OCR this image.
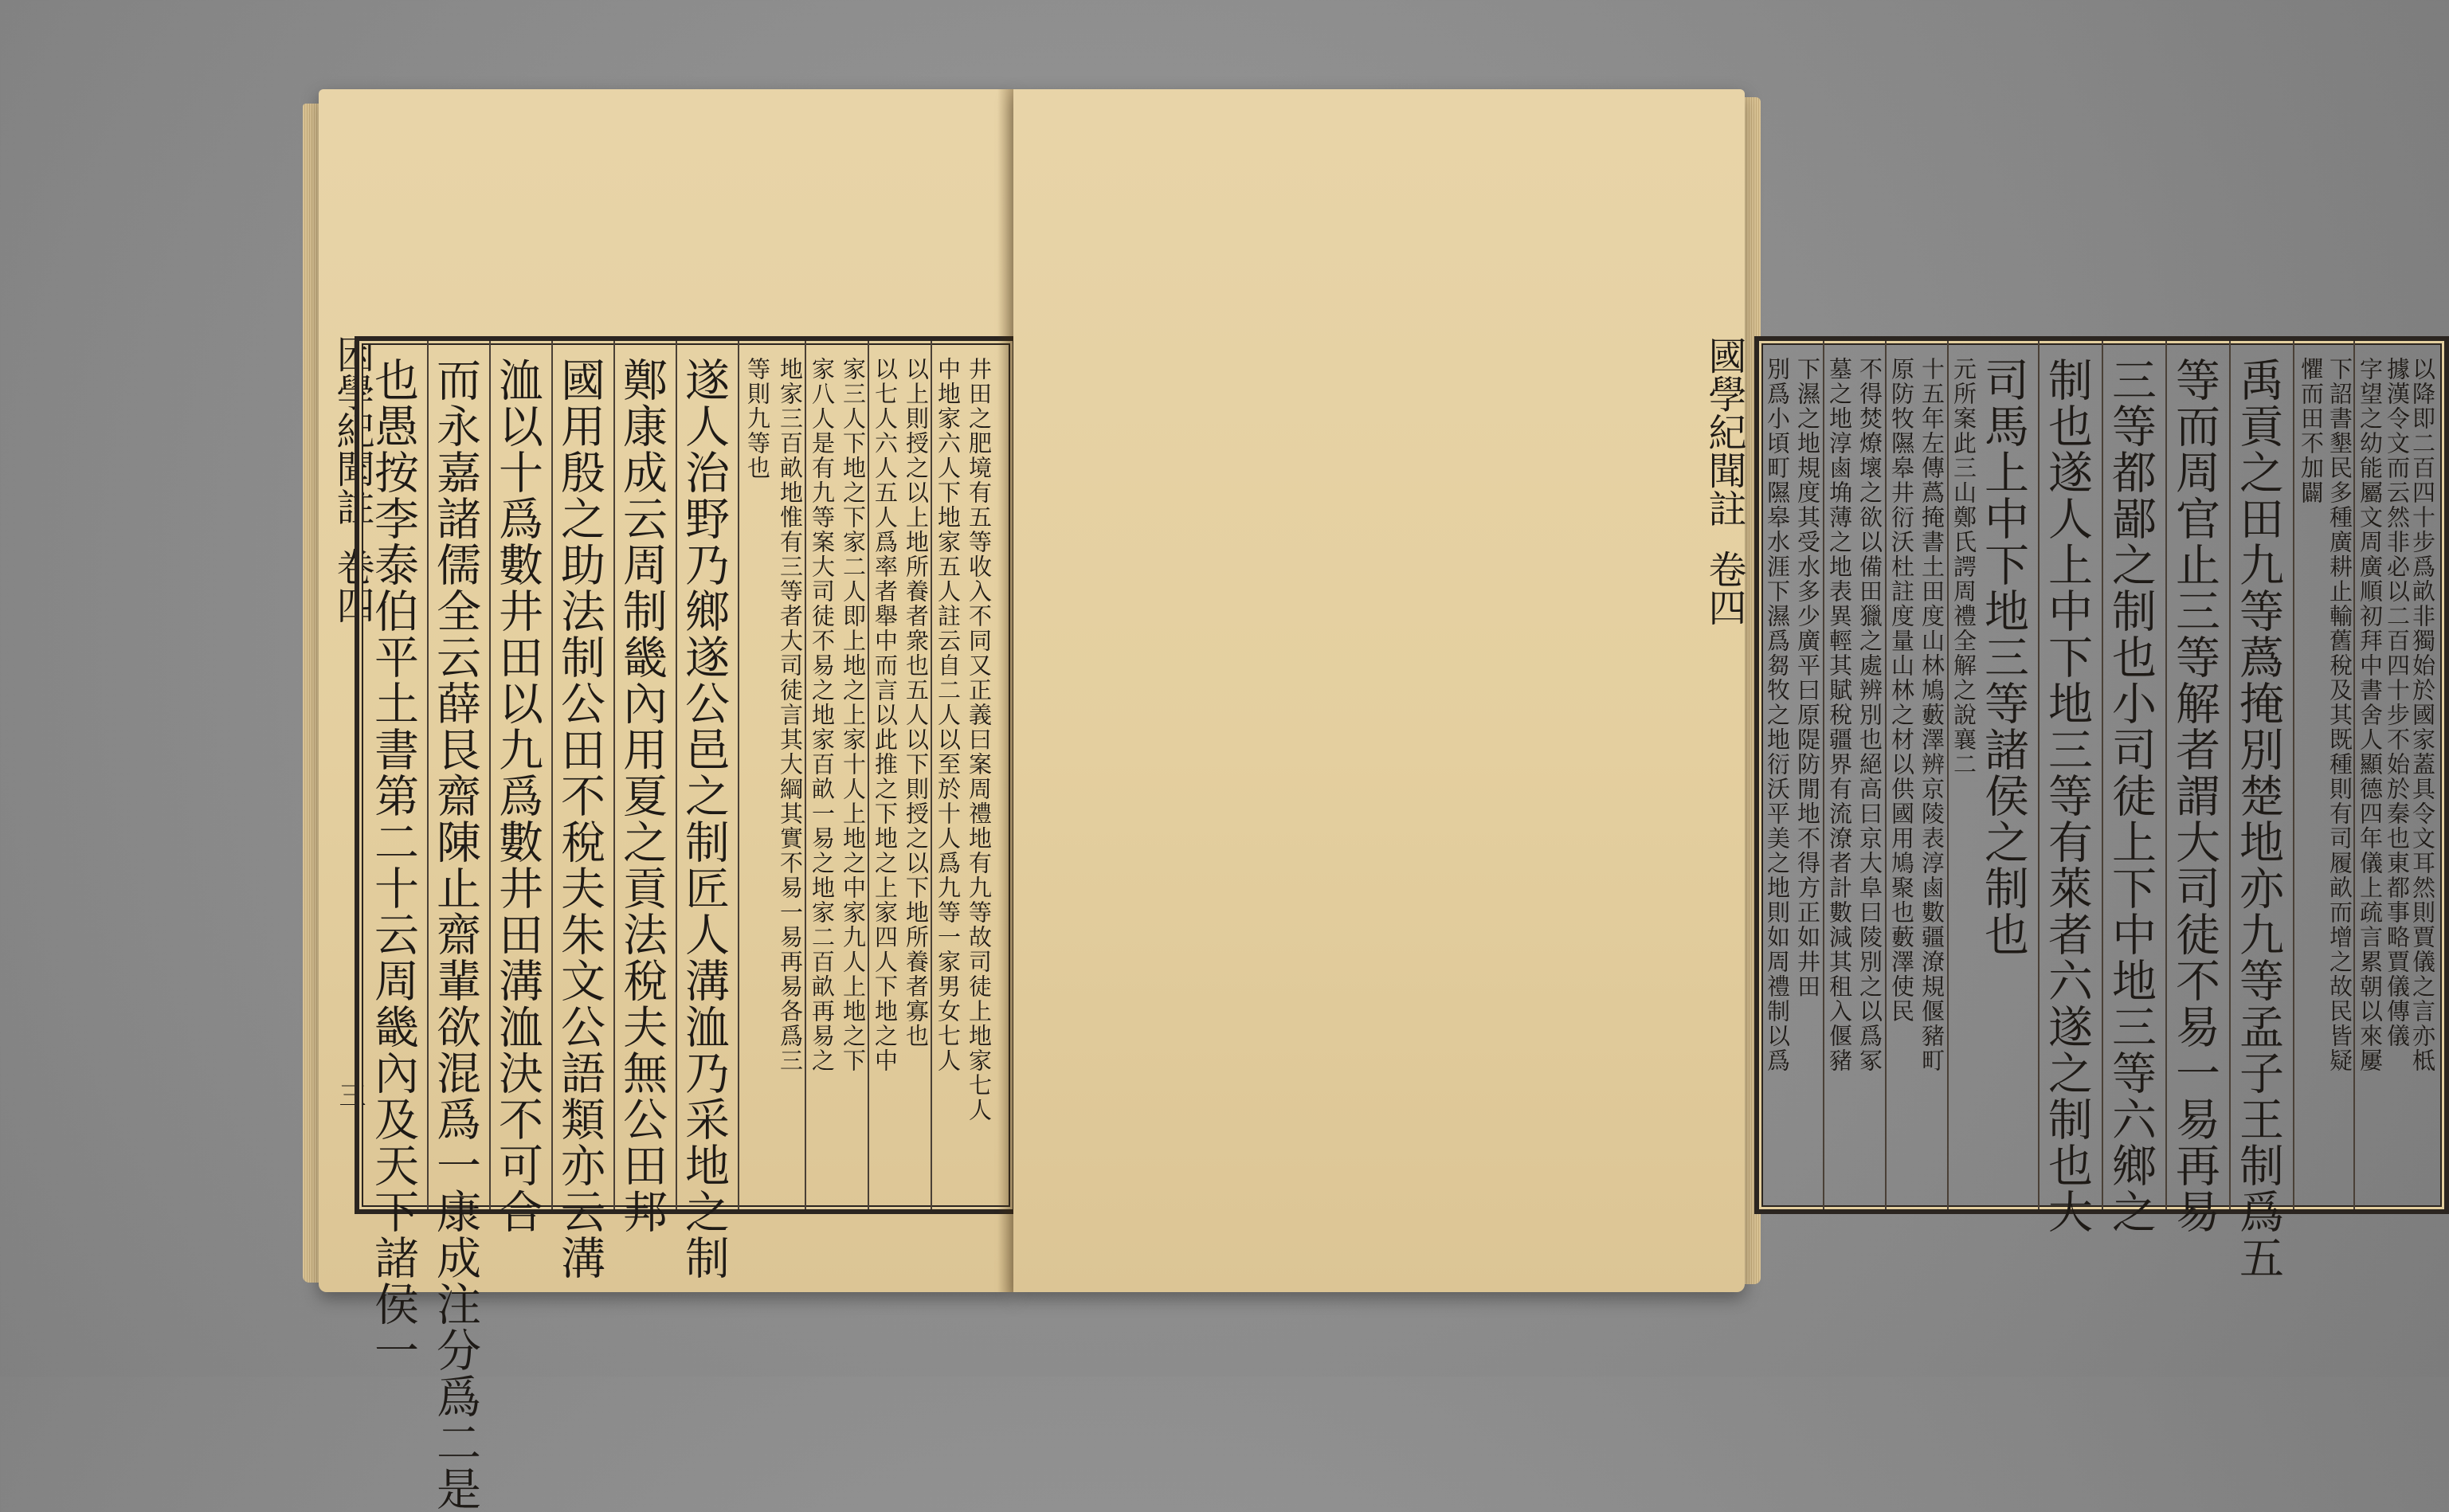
困學紀聞註
卷四
三 也愚按李泰伯平土書第二十云周畿內及天下諸侯一 而永嘉諸儒全云薛艮齋陳止齋輩欲混爲一康成注分爲二是 洫以十爲數井田以九爲數井田溝洫決不可合 國用殷之助法制公田不稅夫朱文公語類亦云溝 鄭康成云周制畿內用夏之貢法稅夫無公田邦 遂人治野乃鄉遂公邑之制匠人溝洫乃采地之制 等則九等也 地家三百畝地惟有三等者大司徒言其大綱其實不易一易再易各爲三 家八人是有九等案大司徒不易之地家百畝一易之地家二百畝再易之 家三人下地之下家二人即上地之上家十人上地之中家九人上地之下 以七人六人五人爲率者舉中而言以此推之下地之上家四人下地之中 以上則授之以上地所養者衆也五人以下則授之以下地所養者寡也 中地家六人下地家五人註云自二人以至於十人爲九等一家男女七人 井田之肥境有五等收入不同又正義曰案周禮地有九等故司徒上地家七人	別爲小頃町隰皋水涯下濕爲芻牧之地衍沃平美之地則如周禮制以爲 下濕之地規度其受水多少廣平曰原隄防閒地不得方正如井田 墓之地淳鹵埆薄之地表異輕其賦稅疆界有流潦者計數減其租入偃豬 不得焚燎壞之欲以備田獵之處辨別也絕高曰京大阜曰陵別之以爲冢 原防牧隰皋井衍沃杜註度量山林之材以供國用鳩聚也藪澤使民 十五年左傳蔿掩書土田度山林鳩藪澤辨京陵表淳鹵數疆潦規偃豬町 元所案此三山鄭氏諤周禮全解之說襄二 司馬上中下地三等諸侯之制也 制也遂人上中下地三等有萊者六遂之制也大 三等都鄙之制也小司徒上下中地三等六鄉之 等而周官止三等解者謂大司徒不易一易再易 禹貢之田九等蔿掩別楚地亦九等孟子王制爲五 懼而田不加闢 下詔書墾民多種廣耕止輸舊稅及其既種則有司履畝而增之故民皆疑 字望之幼能屬文周廣順初拜中書舍人顯德四年儀上疏言累朝以來屢 據漢令文而云然非必以二百四十步不始於秦也東都事略賈儀傳儀
以降即二百四十步爲畝非獨始於國家蓋具令文耳然則賈儀之言亦柢
國學紀聞註
卷四
